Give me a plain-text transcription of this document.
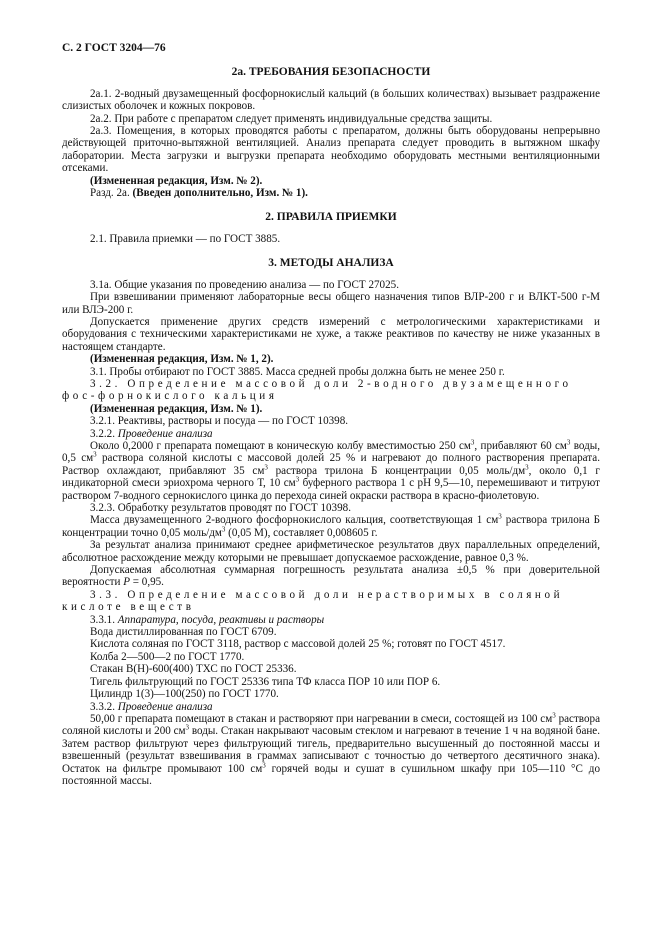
С. 2 ГОСТ 3204—76
2а. ТРЕБОВАНИЯ БЕЗОПАСНОСТИ

2а.1. 2-водный двузамещенный фосфорнокислый кальций (в больших количествах) вызывает раздражение слизистых оболочек и кожных покровов.

2а.2. При работе с препаратом следует применять индивидуальные средства защиты.

2а.3. Помещения, в которых проводятся работы с препаратом, должны быть оборудованы непрерывно действующей приточно-вытяжной вентиляцией. Анализ препарата следует проводить в вытяжном шкафу лаборатории. Места загрузки и выгрузки препарата необходимо оборудовать местными вентиляционными отсеками.

(Измененная редакция, Изм. № 2).

Разд. 2а. (Введен дополнительно, Изм. № 1).

2. ПРАВИЛА ПРИЕМКИ

2.1. Правила приемки — по ГОСТ 3885.

3. МЕТОДЫ АНАЛИЗА

3.1а. Общие указания по проведению анализа — по ГОСТ 27025.

При взвешивании применяют лабораторные весы общего назначения типов ВЛР-200 г и ВЛКТ-500 г-М или ВЛЭ-200 г.

Допускается применение других средств измерений с метрологическими характеристиками и оборудования с техническими характеристиками не хуже, а также реактивов по качеству не ниже указанных в настоящем стандарте.

(Измененная редакция, Изм. № 1, 2).

3.1. Пробы отбирают по ГОСТ 3885. Масса средней пробы должна быть не менее 250 г.

3.2. Определение массовой доли 2-водного двузамещенного фос-форнокислого кальция

(Измененная редакция, Изм. № 1).

3.2.1. Реактивы, растворы и посуда — по ГОСТ 10398.

3.2.2. Проведение анализа

Около 0,2000 г препарата помещают в коническую колбу вместимостью 250 $см^3$, прибавляют 60 $см^3$ воды, 0,5 $см^3$ раствора соляной кислоты с массовой долей 25 % и нагревают до полного растворения препарата. Раствор охлаждают, прибавляют 35 $см^3$ раствора трилона Б концентрации 0,05 моль/$дм^3$, около 0,1 г индикаторной смеси эриохрома черного Т, 10 $см^3$ буферного раствора 1 с рН 9,5—10, перемешивают и титруют раствором 7-водного сернокислого цинка до перехода синей окраски раствора в красно-фиолетовую.

3.2.3. Обработку результатов проводят по ГОСТ 10398.

Масса двузамещенного 2-водного фосфорнокислого кальция, соответствующая 1 $см^3$ раствора трилона Б концентрации точно 0,05 моль/$дм^3$ (0,05 М), составляет 0,008605 г.

За результат анализа принимают среднее арифметическое результатов двух параллельных определений, абсолютное расхождение между которыми не превышает допускаемое расхождение, равное 0,3 %.

Допускаемая абсолютная суммарная погрешность результата анализа ±0,5 % при доверительной вероятности P = 0,95.

3.3. Определение массовой доли нерастворимых в соляной кислоте веществ

3.3.1. Аппаратура, посуда, реактивы и растворы

Вода дистиллированная по ГОСТ 6709.

Кислота соляная по ГОСТ 3118, раствор с массовой долей 25 %; готовят по ГОСТ 4517.

Колба 2—500—2 по ГОСТ 1770.

Стакан В(Н)-600(400) ТХС по ГОСТ 25336.

Тигель фильтрующий по ГОСТ 25336 типа ТФ класса ПОР 10 или ПОР 6.

Цилиндр 1(3)—100(250) по ГОСТ 1770.

3.3.2. Проведение анализа

50,00 г препарата помещают в стакан и растворяют при нагревании в смеси, состоящей из 100 $см^3$ раствора соляной кислоты и 200 $см^3$ воды. Стакан накрывают часовым стеклом и нагревают в течение 1 ч на водяной бане. Затем раствор фильтруют через фильтрующий тигель, предварительно высушенный до постоянной массы и взвешенный (результат взвешивания в граммах записывают с точностью до четвертого десятичного знака). Остаток на фильтре промывают 100 $см^3$ горячей воды и сушат в сушильном шкафу при 105—110 °С до постоянной массы.
